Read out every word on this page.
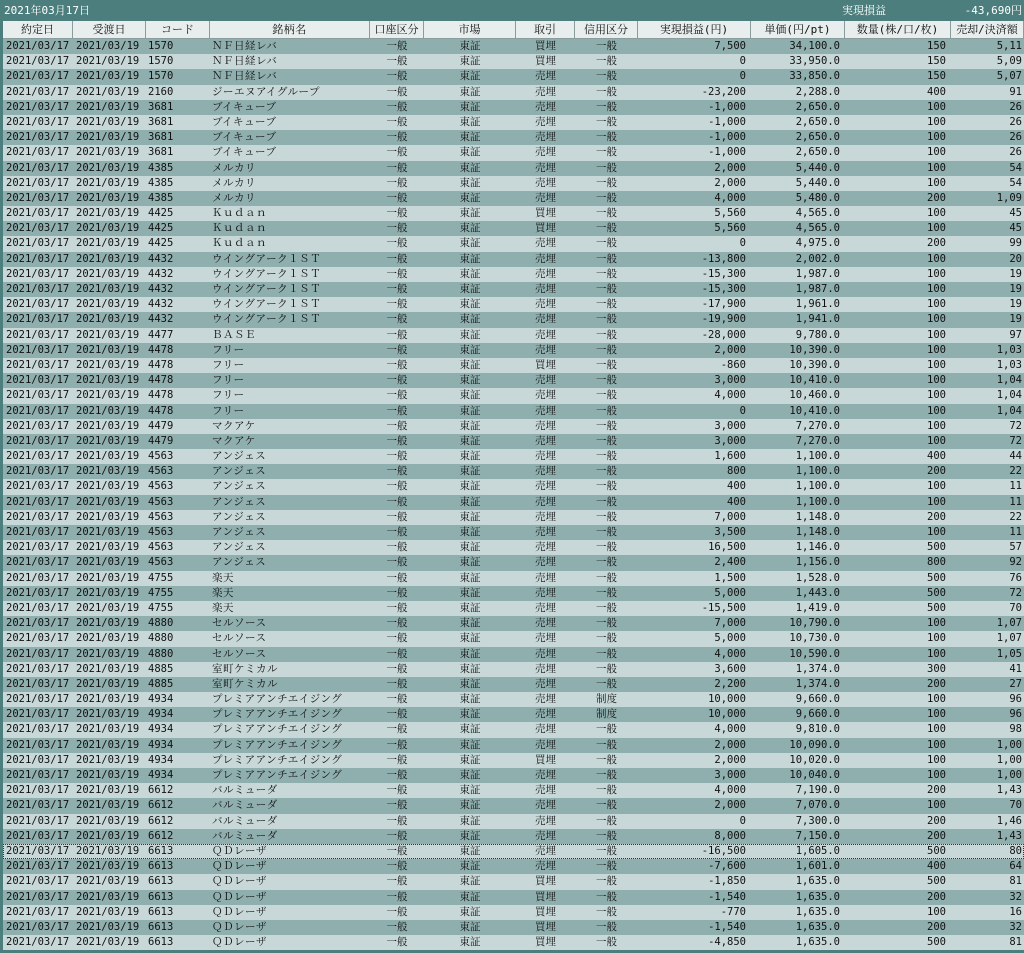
2021年03月17日	実現損益	-43,690円
約定日	受渡日	コード	銘柄名	口座区分	市場	取引	信用区分	実現損益(円)	単価(円/pt)	数量(株/口/枚)	売却/決済額
2021/03/17 2021/03/19 1570	ＮＦ日経レバ	一般	東証	買埋	一般	7,500	34,100.0	150	5,11
2021/03/17 2021/03/19 1570	ＮＦ日経レバ	一般	東証	買埋	一般	0	33,950.0	150	5,09
2021/03/17 2021/03/19 1570	ＮＦ日経レバ	一般	東証	売埋	一般	0	33,850.0	150	5,07
2021/03/17 2021/03/19 2160	ジーエヌアイグループ	一般	東証	売埋	一般	-23,200	2,288.0	400	91
2021/03/17 2021/03/19 3681	ブイキューブ	一般	東証	売埋	一般	-1,000	2,650.0	100	26
2021/03/17 2021/03/19 3681	ブイキューブ	一般	東証	売埋	一般	-1,000	2,650.0	100	26
2021/03/17 2021/03/19 3681	ブイキューブ	一般	東証	売埋	一般	-1,000	2,650.0	100	26
2021/03/17 2021/03/19 3681	ブイキューブ	一般	東証	売埋	一般	-1,000	2,650.0	100	26
2021/03/17 2021/03/19 4385	メルカリ	一般	東証	売埋	一般	2,000	5,440.0	100	54
2021/03/17 2021/03/19 4385	メルカリ	一般	東証	売埋	一般	2,000	5,440.0	100	54
2021/03/17 2021/03/19 4385	メルカリ	一般	東証	売埋	一般	4,000	5,480.0	200	1,09
2021/03/17 2021/03/19 4425	Ｋｕｄａｎ	一般	東証	買埋	一般	5,560	4,565.0	100	45
2021/03/17 2021/03/19 4425	Ｋｕｄａｎ	一般	東証	買埋	一般	5,560	4,565.0	100	45
2021/03/17 2021/03/19 4425	Ｋｕｄａｎ	一般	東証	売埋	一般	0	4,975.0	200	99
2021/03/17 2021/03/19 4432	ウイングアーク１ＳＴ	一般	東証	売埋	一般	-13,800	2,002.0	100	20
2021/03/17 2021/03/19 4432	ウイングアーク１ＳＴ	一般	東証	売埋	一般	-15,300	1,987.0	100	19
2021/03/17 2021/03/19 4432	ウイングアーク１ＳＴ	一般	東証	売埋	一般	-15,300	1,987.0	100	19
2021/03/17 2021/03/19 4432	ウイングアーク１ＳＴ	一般	東証	売埋	一般	-17,900	1,961.0	100	19
2021/03/17 2021/03/19 4432	ウイングアーク１ＳＴ	一般	東証	売埋	一般	-19,900	1,941.0	100	19
2021/03/17 2021/03/19 4477	ＢＡＳＥ	一般	東証	売埋	一般	-28,000	9,780.0	100	97
2021/03/17 2021/03/19 4478	フリー	一般	東証	売埋	一般	2,000	10,390.0	100	1,03
2021/03/17 2021/03/19 4478	フリー	一般	東証	買埋	一般	-860	10,390.0	100	1,03
2021/03/17 2021/03/19 4478	フリー	一般	東証	売埋	一般	3,000	10,410.0	100	1,04
2021/03/17 2021/03/19 4478	フリー	一般	東証	売埋	一般	4,000	10,460.0	100	1,04
2021/03/17 2021/03/19 4478	フリー	一般	東証	売埋	一般	0	10,410.0	100	1,04
2021/03/17 2021/03/19 4479	マクアケ	一般	東証	売埋	一般	3,000	7,270.0	100	72
2021/03/17 2021/03/19 4479	マクアケ	一般	東証	売埋	一般	3,000	7,270.0	100	72
2021/03/17 2021/03/19 4563	アンジェス	一般	東証	売埋	一般	1,600	1,100.0	400	44
2021/03/17 2021/03/19 4563	アンジェス	一般	東証	売埋	一般	800	1,100.0	200	22
2021/03/17 2021/03/19 4563	アンジェス	一般	東証	売埋	一般	400	1,100.0	100	11
2021/03/17 2021/03/19 4563	アンジェス	一般	東証	売埋	一般	400	1,100.0	100	11
2021/03/17 2021/03/19 4563	アンジェス	一般	東証	売埋	一般	7,000	1,148.0	200	22
2021/03/17 2021/03/19 4563	アンジェス	一般	東証	売埋	一般	3,500	1,148.0	100	11
2021/03/17 2021/03/19 4563	アンジェス	一般	東証	売埋	一般	16,500	1,146.0	500	57
2021/03/17 2021/03/19 4563	アンジェス	一般	東証	売埋	一般	2,400	1,156.0	800	92
2021/03/17 2021/03/19 4755	楽天	一般	東証	売埋	一般	1,500	1,528.0	500	76
2021/03/17 2021/03/19 4755	楽天	一般	東証	売埋	一般	5,000	1,443.0	500	72
2021/03/17 2021/03/19 4755	楽天	一般	東証	売埋	一般	-15,500	1,419.0	500	70
2021/03/17 2021/03/19 4880	セルソース	一般	東証	売埋	一般	7,000	10,790.0	100	1,07
2021/03/17 2021/03/19 4880	セルソース	一般	東証	売埋	一般	5,000	10,730.0	100	1,07
2021/03/17 2021/03/19 4880	セルソース	一般	東証	売埋	一般	4,000	10,590.0	100	1,05
2021/03/17 2021/03/19 4885	室町ケミカル	一般	東証	売埋	一般	3,600	1,374.0	300	41
2021/03/17 2021/03/19 4885	室町ケミカル	一般	東証	売埋	一般	2,200	1,374.0	200	27
2021/03/17 2021/03/19 4934	プレミアアンチエイジング	一般	東証	売埋	制度	10,000	9,660.0	100	96
2021/03/17 2021/03/19 4934	プレミアアンチエイジング	一般	東証	売埋	制度	10,000	9,660.0	100	96
2021/03/17 2021/03/19 4934	プレミアアンチエイジング	一般	東証	売埋	一般	4,000	9,810.0	100	98
2021/03/17 2021/03/19 4934	プレミアアンチエイジング	一般	東証	売埋	一般	2,000	10,090.0	100	1,00
2021/03/17 2021/03/19 4934	プレミアアンチエイジング	一般	東証	買埋	一般	2,000	10,020.0	100	1,00
2021/03/17 2021/03/19 4934	プレミアアンチエイジング	一般	東証	売埋	一般	3,000	10,040.0	100	1,00
2021/03/17 2021/03/19 6612	バルミューダ	一般	東証	売埋	一般	4,000	7,190.0	200	1,43
2021/03/17 2021/03/19 6612	バルミューダ	一般	東証	売埋	一般	2,000	7,070.0	100	70
2021/03/17 2021/03/19 6612	バルミューダ	一般	東証	売埋	一般	0	7,300.0	200	1,46
2021/03/17 2021/03/19 6612	バルミューダ	一般	東証	売埋	一般	8,000	7,150.0	200	1,43
2021/03/17 2021/03/19 6613	ＱＤレーザ	一般	東証	売埋	一般	-16,500	1,605.0	500	80
2021/03/17 2021/03/19 6613	ＱＤレーザ	一般	東証	売埋	一般	-7,600	1,601.0	400	64
2021/03/17 2021/03/19 6613	ＱＤレーザ	一般	東証	買埋	一般	-1,850	1,635.0	500	81
2021/03/17 2021/03/19 6613	ＱＤレーザ	一般	東証	買埋	一般	-1,540	1,635.0	200	32
2021/03/17 2021/03/19 6613	ＱＤレーザ	一般	東証	買埋	一般	-770	1,635.0	100	16
2021/03/17 2021/03/19 6613	ＱＤレーザ	一般	東証	買埋	一般	-1,540	1,635.0	200	32
2021/03/17 2021/03/19 6613	ＱＤレーザ	一般	東証	買埋	一般	-4,850	1,635.0	500	81
